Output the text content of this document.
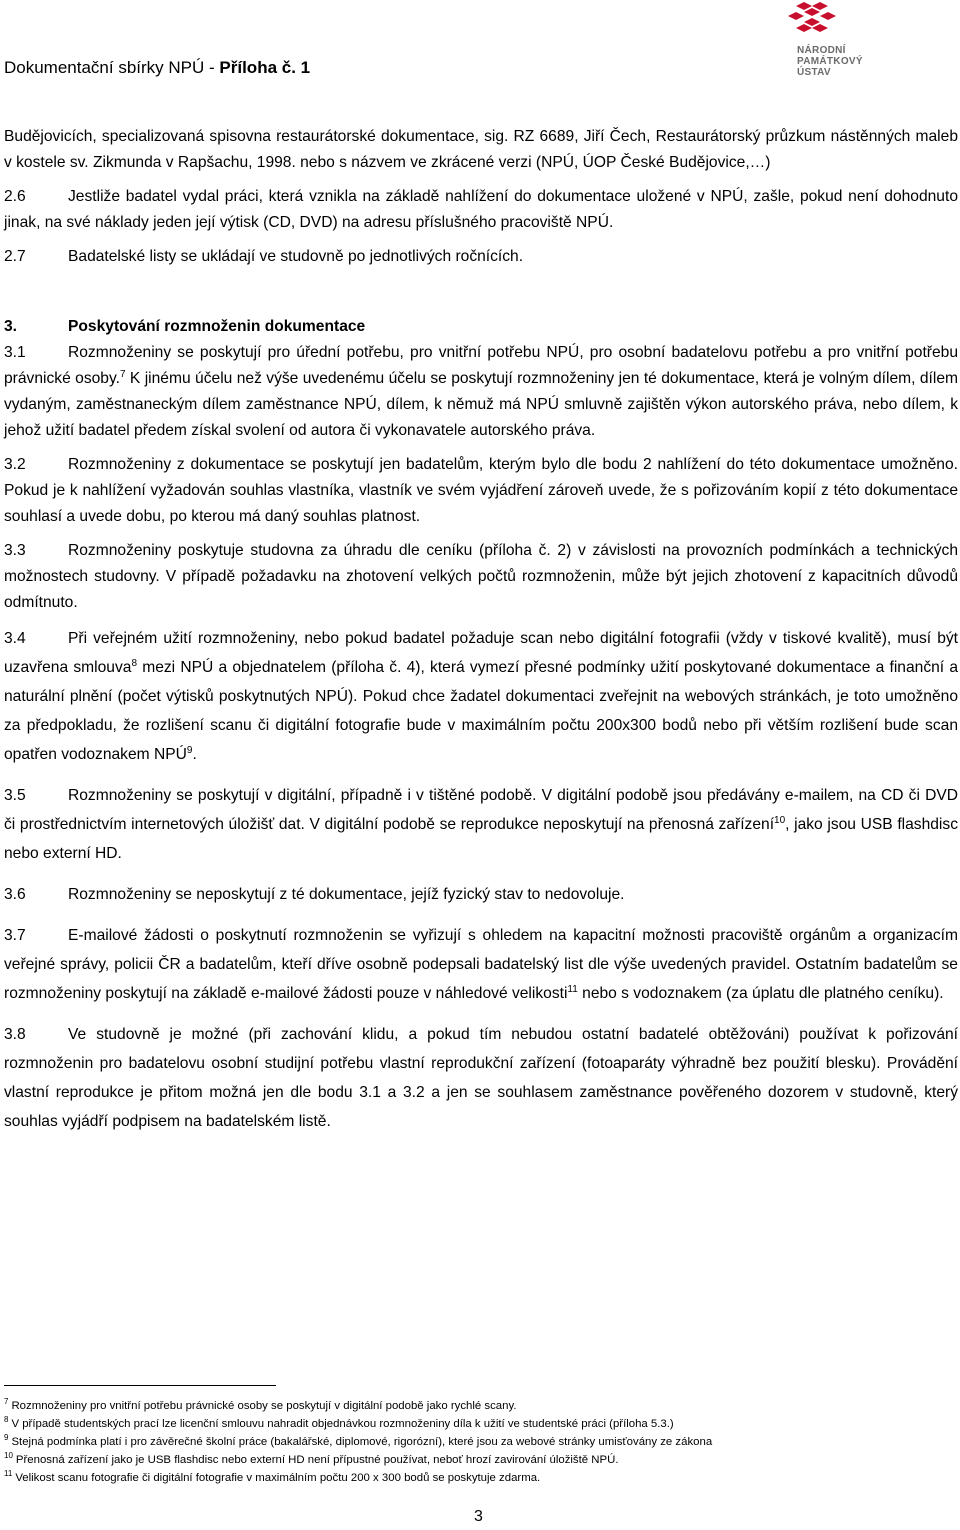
Dokumentační sbírky NPÚ - Příloha č. 1
NÁRODNÍ
PAMÁTKOVÝ
ÚSTAV

Budějovicích, specializovaná spisovna restaurátorské dokumentace, sig. RZ 6689, Jiří Čech, Restaurátorský průzkum nástěnných maleb v kostele sv. Zikmunda v Rapšachu, 1998. nebo s názvem ve zkrácené verzi (NPÚ, ÚOP České Budějovice,…)

2.6	Jestliže badatel vydal práci, která vznikla na základě nahlížení do dokumentace uložené v NPÚ, zašle, pokud není dohodnuto jinak, na své náklady jeden její výtisk (CD, DVD) na adresu příslušného pracoviště NPÚ.

2.7	Badatelské listy se ukládají ve studovně po jednotlivých ročnících.

3.	Poskytování rozmnoženin dokumentace

3.1	Rozmnoženiny se poskytují pro úřední potřebu, pro vnitřní potřebu NPÚ, pro osobní badatelovu potřebu a pro vnitřní potřebu právnické osoby.$^7$ K jinému účelu než výše uvedenému účelu se poskytují rozmnoženiny jen té dokumentace, která je volným dílem, dílem vydaným, zaměstnaneckým dílem zaměstnance NPÚ, dílem, k němuž má NPÚ smluvně zajištěn výkon autorského práva, nebo dílem, k jehož užití badatel předem získal svolení od autora či vykonavatele autorského práva.

3.2	Rozmnoženiny z dokumentace se poskytují jen badatelům, kterým bylo dle bodu 2 nahlížení do této dokumentace umožněno. Pokud je k nahlížení vyžadován souhlas vlastníka, vlastník ve svém vyjádření zároveň uvede, že s pořizováním kopií z této dokumentace souhlasí a uvede dobu, po kterou má daný souhlas platnost.

3.3	Rozmnoženiny poskytuje studovna za úhradu dle ceníku (příloha č. 2) v závislosti na provozních podmínkách a technických možnostech studovny. V případě požadavku na zhotovení velkých počtů rozmnoženin, může být jejich zhotovení z kapacitních důvodů odmítnuto.

3.4	Při veřejném užití rozmnoženiny, nebo pokud badatel požaduje scan nebo digitální fotografii (vždy v tiskové kvalitě), musí být uzavřena smlouva$^8$ mezi NPÚ a objednatelem (příloha č. 4), která vymezí přesné podmínky užití poskytované dokumentace a finanční a naturální plnění (počet výtisků poskytnutých NPÚ). Pokud chce žadatel dokumentaci zveřejnit na webových stránkách, je toto umožněno za předpokladu, že rozlišení scanu či digitální fotografie bude v maximálním počtu 200x300 bodů nebo při větším rozlišení bude scan opatřen vodoznakem NPÚ$^9$.

3.5	Rozmnoženiny se poskytují v digitální, případně i v tištěné podobě. V digitální podobě jsou předávány e-mailem, na CD či DVD či prostřednictvím internetových úložišť dat. V digitální podobě se reprodukce neposkytují na přenosná zařízení$^{10}$, jako jsou USB flashdisc nebo externí HD.

3.6	Rozmnoženiny se neposkytují z té dokumentace, jejíž fyzický stav to nedovoluje.

3.7	E-mailové žádosti o poskytnutí rozmnoženin se vyřizují s ohledem na kapacitní možnosti pracoviště orgánům a organizacím veřejné správy, policii ČR a badatelům, kteří dříve osobně podepsali badatelský list dle výše uvedených pravidel. Ostatním badatelům se rozmnoženiny poskytují na základě e-mailové žádosti pouze v náhledové velikosti$^{11}$ nebo s vodoznakem (za úplatu dle platného ceníku).

3.8	Ve studovně je možné (při zachování klidu, a pokud tím nebudou ostatní badatelé obtěžováni) používat k pořizování rozmnoženin pro badatelovu osobní studijní potřebu vlastní reprodukční zařízení (fotoaparáty výhradně bez použití blesku). Provádění vlastní reprodukce je přitom možná jen dle bodu 3.1 a 3.2 a jen se souhlasem zaměstnance pověřeného dozorem v studovně, který souhlas vyjádří podpisem na badatelském listě.

$^7$ Rozmnoženiny pro vnitřní potřebu právnické osoby se poskytují v digitální podobě jako rychlé scany.

$^8$ V případě studentských prací lze licenční smlouvu nahradit objednávkou rozmnoženiny díla k užití ve studentské práci (příloha 5.3.)

$^9$ Stejná podmínka platí i pro závěrečné školní práce (bakalářské, diplomové, rigorózní), které jsou za webové stránky umisťovány ze zákona

$^{10}$ Přenosná zařízení jako je USB flashdisc nebo externí HD není přípustné používat, neboť hrozí zavirování úložiště NPÚ.

$^{11}$ Velikost scanu fotografie či digitální fotografie v maximálním počtu 200 x 300 bodů se poskytuje zdarma.

3
